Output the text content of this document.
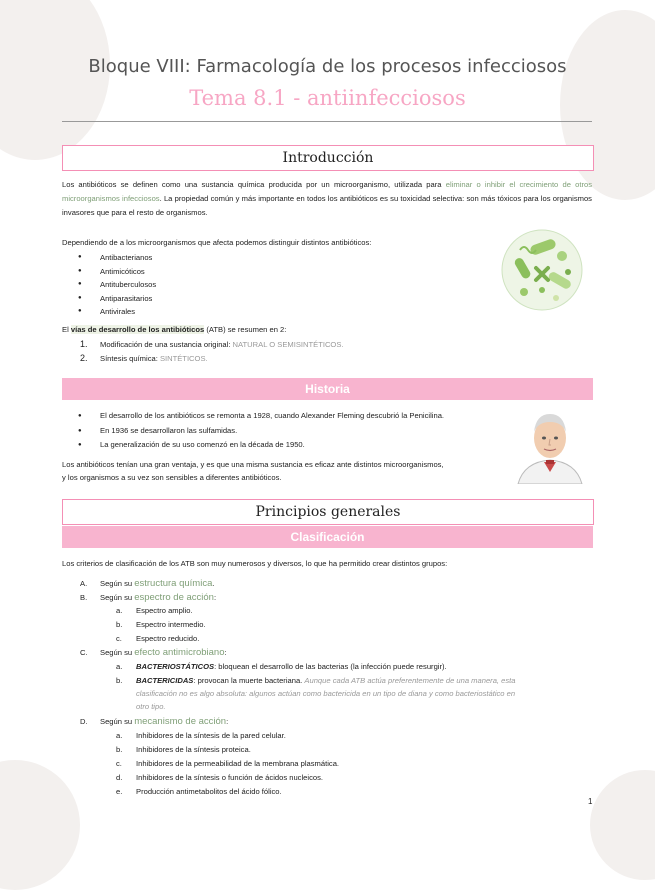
Bloque VIII: Farmacología de los procesos infecciosos
Tema 8.1 - antiinfecciosos
Introducción
Los antibióticos se definen como una sustancia química producida por un microorganismo, utilizada para eliminar o inhibir el crecimiento de otros microorganismos infecciosos. La propiedad común y más importante en todos los antibióticos es su toxicidad selectiva: son más tóxicos para los organismos invasores que para el resto de organismos.
Dependiendo de a los microorganismos que afecta podemos distinguir distintos antibióticos:
● Antibacterianos
● Antimicóticos
● Antituberculosos
● Antiparasitarios
● Antivirales
El vías de desarrollo de los antibióticos (ATB) se resumen en 2:
1. Modificación de una sustancia original: NATURAL O SEMISINTÉTICOS.
2. Síntesis química: SINTÉTICOS.
Historia
● El desarrollo de los antibióticos se remonta a 1928, cuando Alexander Fleming descubrió la Penicilina.
● En 1936 se desarrollaron las sulfamidas.
● La generalización de su uso comenzó en la década de 1950.
Los antibióticos tenían una gran ventaja, y es que una misma sustancia es eficaz ante distintos microorganismos,
y los organismos a su vez son sensibles a diferentes antibióticos.
Principios generales
Clasificación
Los criterios de clasificación de los ATB son muy numerosos y diversos, lo que ha permitido crear distintos grupos:
A. Según su estructura química.
B. Según su espectro de acción:
a. Espectro amplio.
b. Espectro intermedio.
c. Espectro reducido.
C. Según su efecto antimicrobiano:
a. BACTERIOSTÁTICOS: bloquean el desarrollo de las bacterias (la infección puede resurgir).
b. BACTERICIDAS: provocan la muerte bacteriana. Aunque cada ATB actúa preferentemente de una manera, esta
clasificación no es algo absoluta: algunos actúan como bactericida en un tipo de diana y como bacteriostático en
otro tipo.
D. Según su mecanismo de acción:
a. Inhibidores de la síntesis de la pared celular.
b. Inhibidores de la síntesis proteica.
c. Inhibidores de la permeabilidad de la membrana plasmática.
d. Inhibidores de la síntesis o función de ácidos nucleicos.
e. Producción antimetabolitos del ácido fólico.
1
